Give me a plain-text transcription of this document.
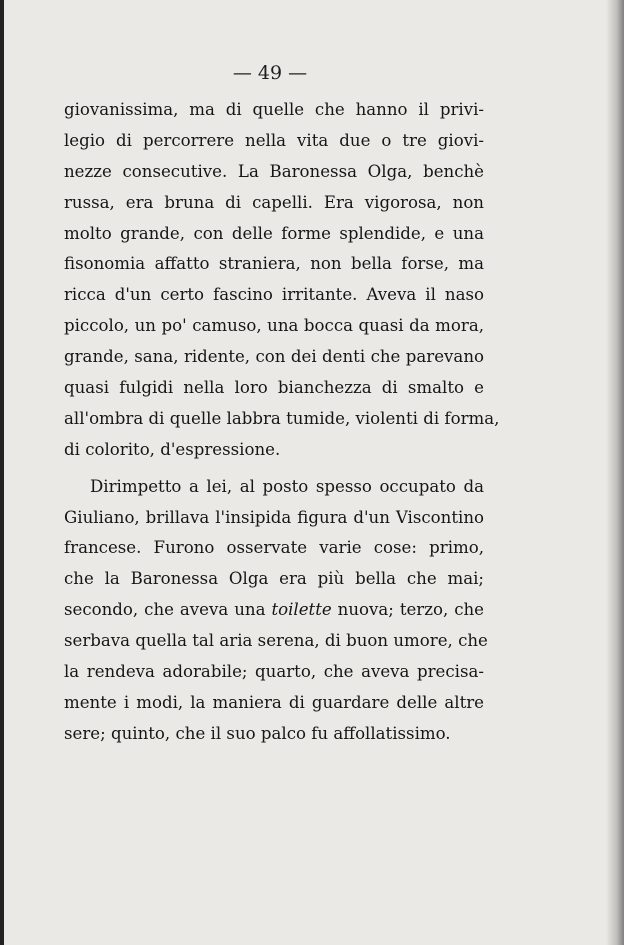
— 49 —
giovanissima, ma di quelle che hanno il privi-
legio di percorrere nella vita due o tre giovi-
nezze consecutive. La Baronessa Olga, benchè
russa, era bruna di capelli. Era vigorosa, non
molto grande, con delle forme splendide, e una
fisonomia affatto straniera, non bella forse, ma
ricca d'un certo fascino irritante. Aveva il naso
piccolo, un po' camuso, una bocca quasi da mora,
grande, sana, ridente, con dei denti che parevano
quasi fulgidi nella loro bianchezza di smalto e
all'ombra di quelle labbra tumide, violenti di forma,
di colorito, d'espressione.
Dirimpetto a lei, al posto spesso occupato da
Giuliano, brillava l'insipida figura d'un Viscontino
francese. Furono osservate varie cose: primo,
che la Baronessa Olga era più bella che mai;
secondo, che aveva una toilette nuova; terzo, che
serbava quella tal aria serena, di buon umore, che
la rendeva adorabile; quarto, che aveva precisa-
mente i modi, la maniera di guardare delle altre
sere; quinto, che il suo palco fu affollatissimo.
